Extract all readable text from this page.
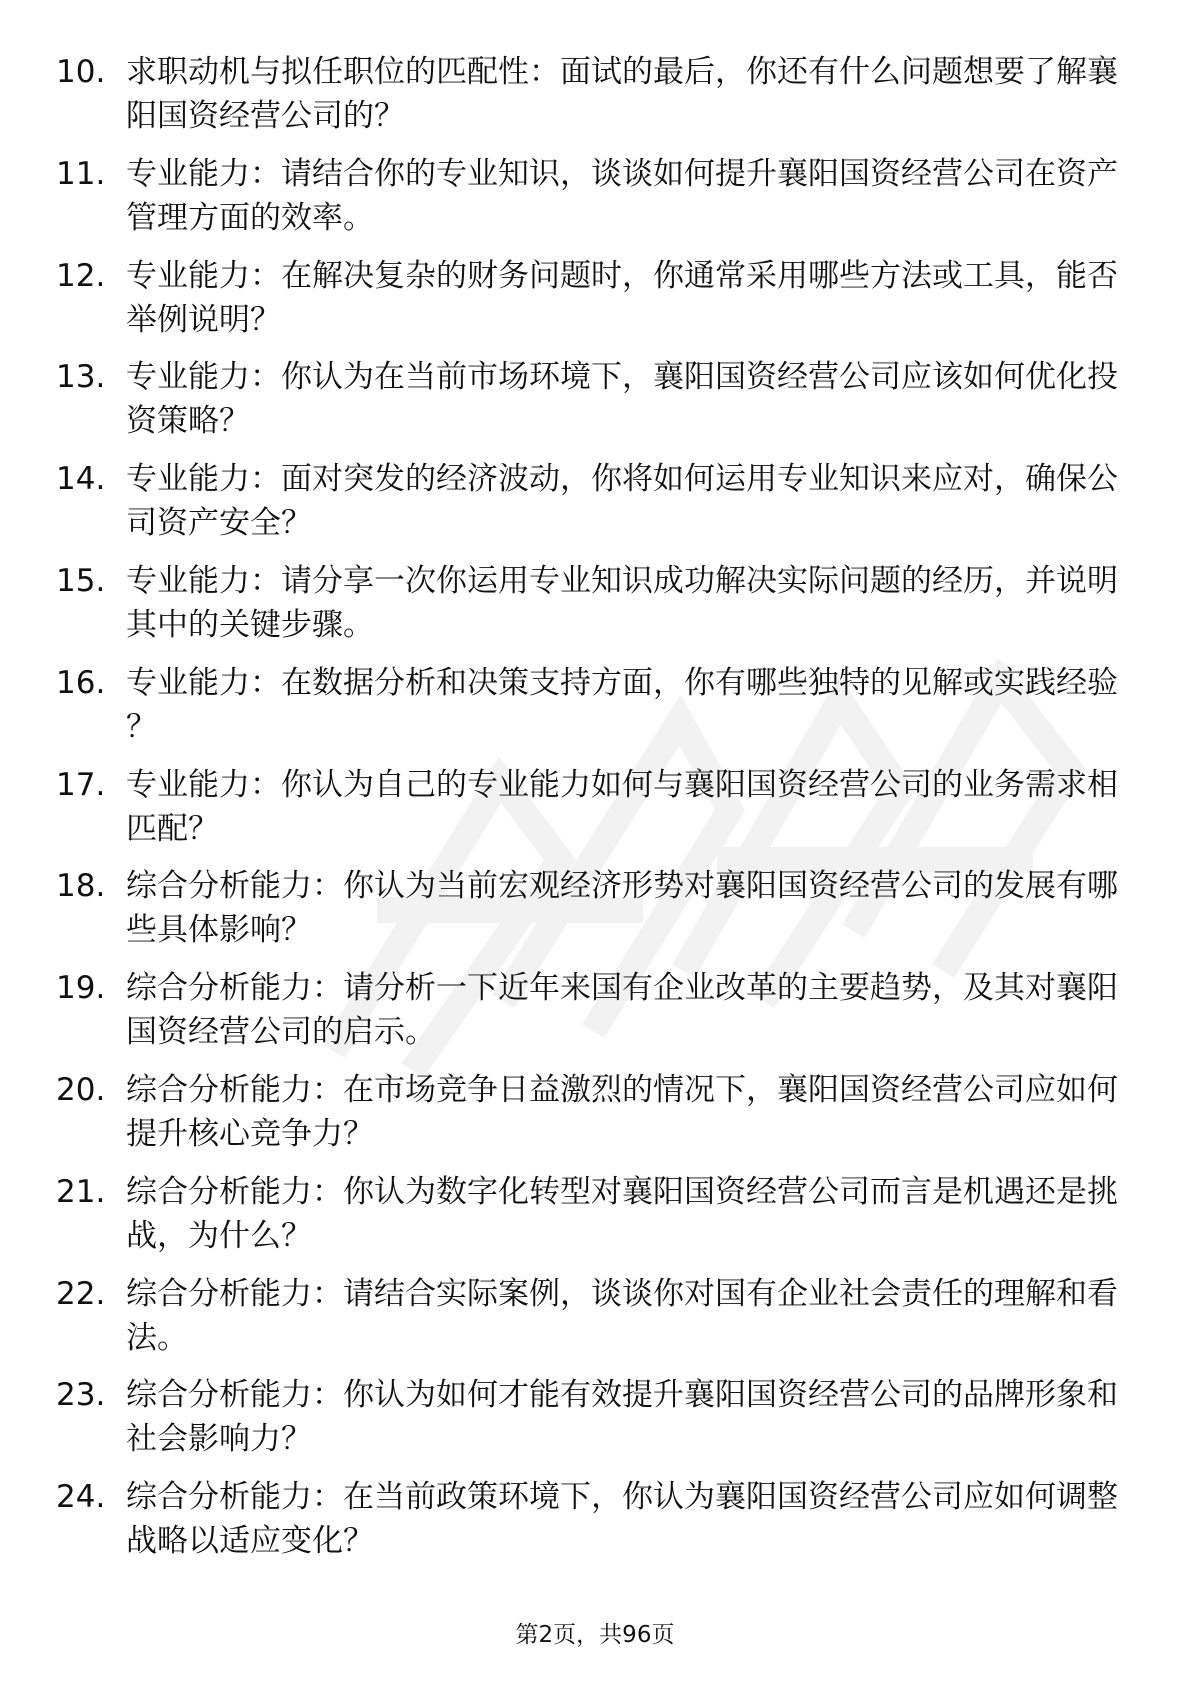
10. 求职动机与拟任职位的匹配性：面试的最后，你还有什么问题想要了解襄阳国资经营公司的？
11. 专业能力：请结合你的专业知识，谈谈如何提升襄阳国资经营公司在资产管理方面的效率。
12. 专业能力：在解决复杂的财务问题时，你通常采用哪些方法或工具，能否举例说明？
13. 专业能力：你认为在当前市场环境下，襄阳国资经营公司应该如何优化投资策略？
14. 专业能力：面对突发的经济波动，你将如何运用专业知识来应对，确保公司资产安全？
15. 专业能力：请分享一次你运用专业知识成功解决实际问题的经历，并说明其中的关键步骤。
16. 专业能力：在数据分析和决策支持方面，你有哪些独特的见解或实践经验？
17. 专业能力：你认为自己的专业能力如何与襄阳国资经营公司的业务需求相匹配？
18. 综合分析能力：你认为当前宏观经济形势对襄阳国资经营公司的发展有哪些具体影响？
19. 综合分析能力：请分析一下近年来国有企业改革的主要趋势，及其对襄阳国资经营公司的启示。
20. 综合分析能力：在市场竞争日益激烈的情况下，襄阳国资经营公司应如何提升核心竞争力？
21. 综合分析能力：你认为数字化转型对襄阳国资经营公司而言是机遇还是挑战，为什么？
22. 综合分析能力：请结合实际案例，谈谈你对国有企业社会责任的理解和看法。
23. 综合分析能力：你认为如何才能有效提升襄阳国资经营公司的品牌形象和社会影响力？
24. 综合分析能力：在当前政策环境下，你认为襄阳国资经营公司应如何调整战略以适应变化？
第2页，共96页
